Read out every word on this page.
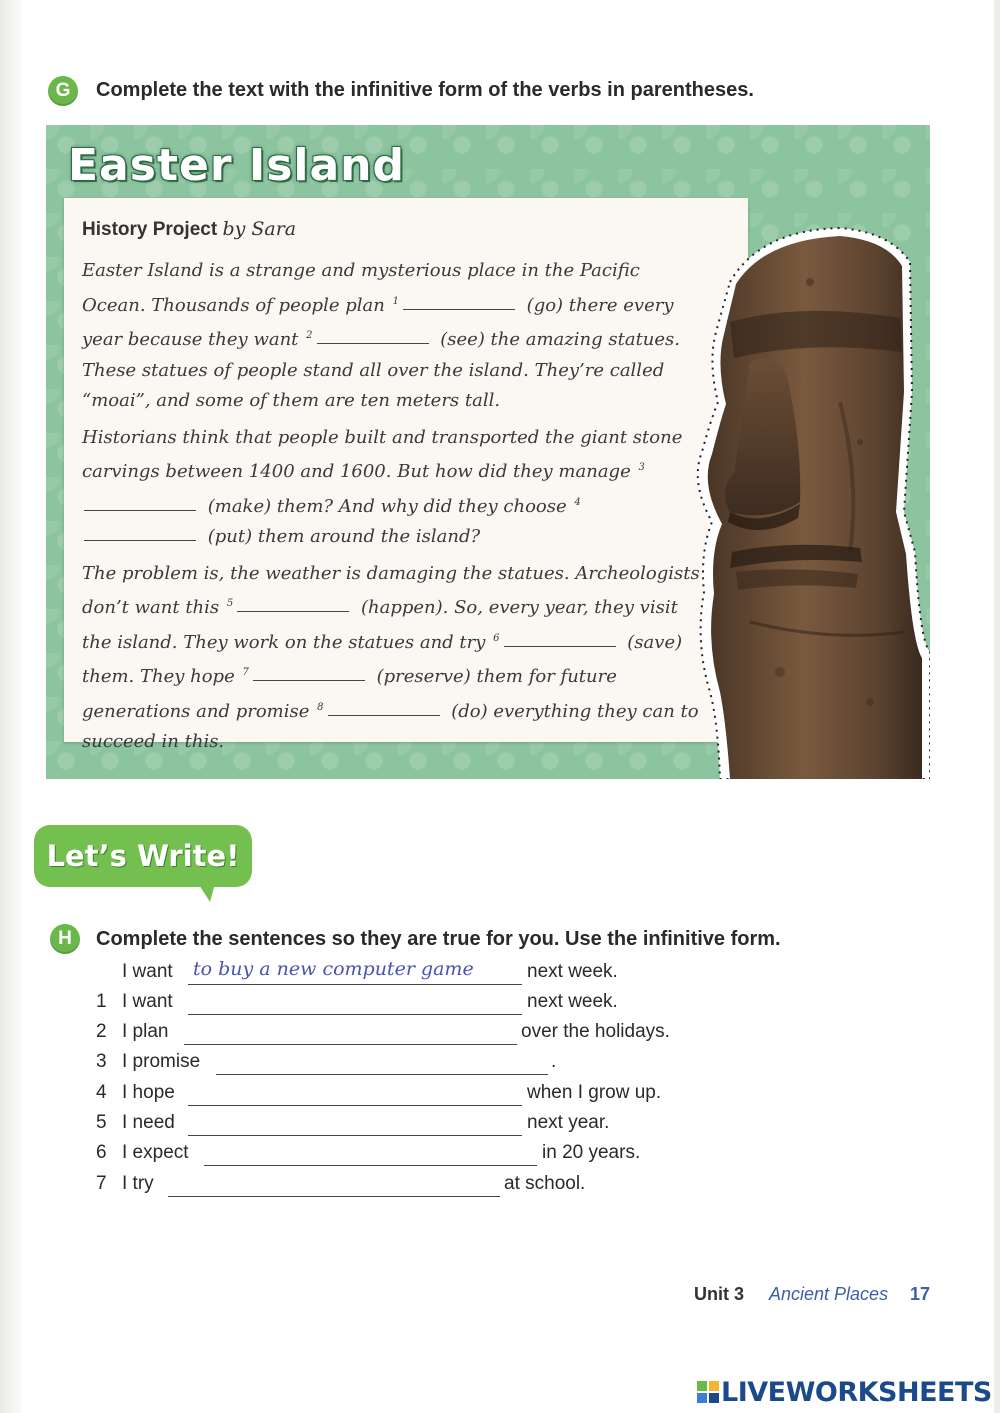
G	Complete the text with the infinitive form of the verbs in parentheses.
Easter Island
History Project by Sara

Easter Island is a strange and mysterious place in the Pacific Ocean. Thousands of people plan $^1$	(go) there every year because they want $^2$	(see) the amazing statues. These statues of people stand all over the island. They’re called “moai”, and some of them are ten meters tall.

Historians think that people built and transported the giant stone carvings between 1400 and 1600. But how did they manage $^3$ (make) them? And why did they choose $^4$ (put) them around the island?

The problem is, the weather is damaging the statues. Archeologists don’t want this $^5$	(happen). So, every year, they visit the island. They work on the statues and try $^6$	(save) them. They hope $^7$	(preserve) them for future generations and promise $^8$	(do) everything they can to succeed in this.

Let’s Write!
H	Complete the sentences so they are true for you. Use the infinitive form.
I want to buy a new computer game	next week.
1 I want	next week.
2 I plan	over the holidays.
3 I promise	.
4 I hope	when I grow up.
5 I need	next year.
6 I expect	in 20 years.
7 I try	at school.
Unit 3 Ancient Places 17
LIVEWORKSHEETS
